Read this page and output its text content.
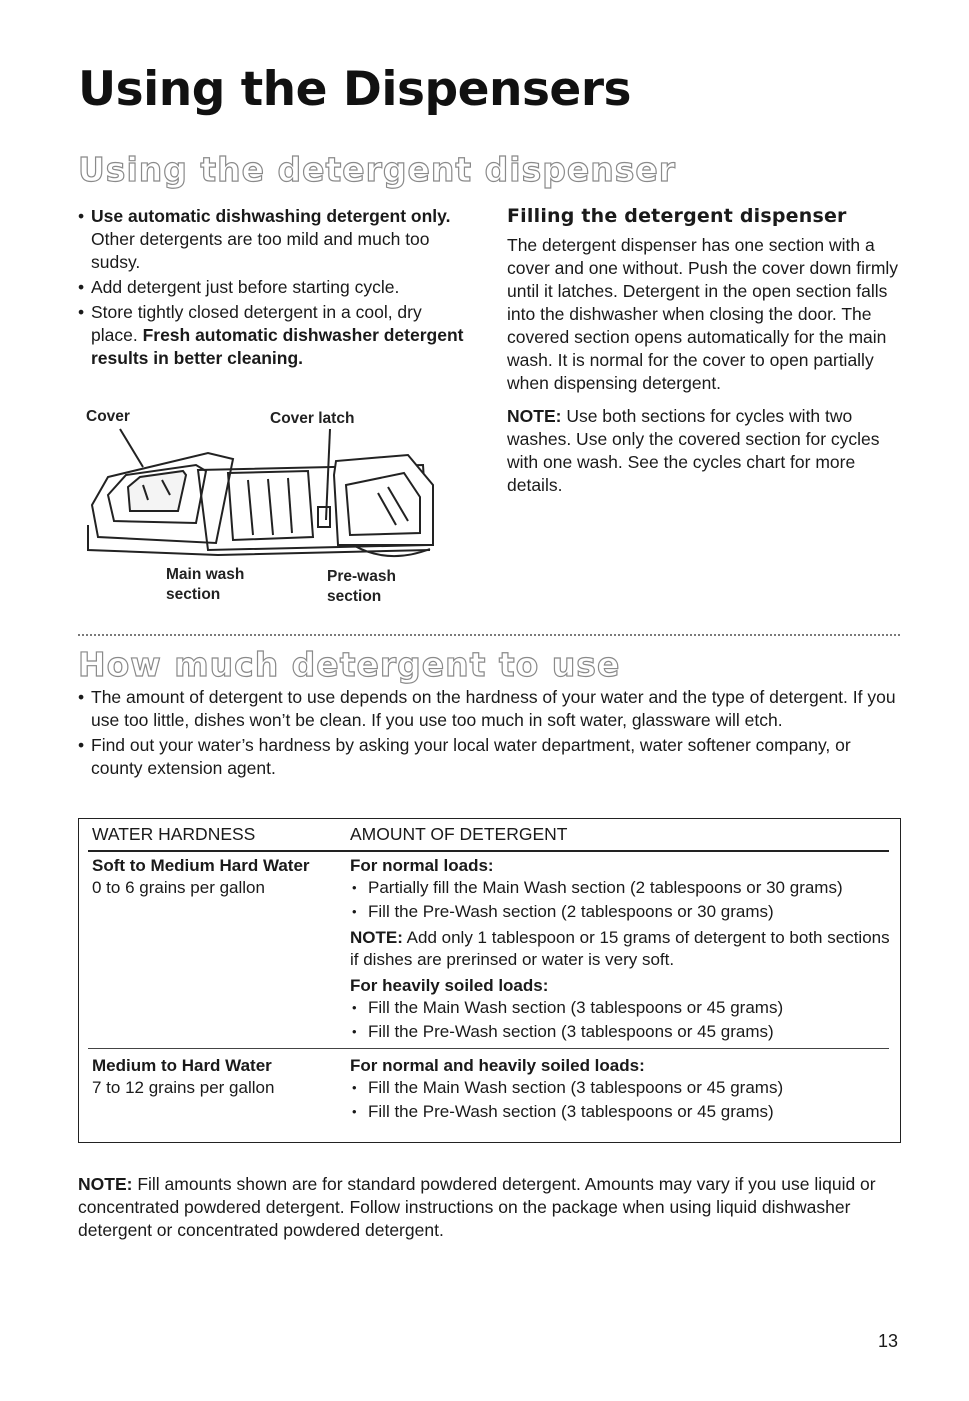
Using the Dispensers
Using the detergent dispenser
• Use automatic dishwashing detergent only. Other detergents are too mild and much too sudsy.
• Add detergent just before starting cycle.
• Store tightly closed detergent in a cool, dry place. Fresh automatic dishwasher detergent results in better cleaning.
Cover	Cover latch
Main wash
section
Pre-wash
section
Filling the detergent dispenser

The detergent dispenser has one section with a cover and one without. Push the cover down firmly until it latches. Detergent in the open section falls into the dishwasher when closing the door. The covered section opens automatically for the main wash. It is normal for the cover to open partially when dispensing detergent.

NOTE: Use both sections for cycles with two washes. Use only the covered section for cycles with one wash. See the cycles chart for more details.

How much detergent to use
• The amount of detergent to use depends on the hardness of your water and the type of detergent. If you use too little, dishes won’t be clean. If you use too much in soft water, glassware will etch.
• Find out your water’s hardness by asking your local water department, water softener company, or county extension agent.
WATER HARDNESS	AMOUNT OF DETERGENT
Soft to Medium Hard Water
0 to 6 grains per gallon
For normal loads:
• Partially fill the Main Wash section (2 tablespoons or 30 grams)
• Fill the Pre-Wash section (2 tablespoons or 30 grams)
NOTE: Add only 1 tablespoon or 15 grams of detergent to both sections if dishes are prerinsed or water is very soft.
For heavily soiled loads:
• Fill the Main Wash section (3 tablespoons or 45 grams)
• Fill the Pre-Wash section (3 tablespoons or 45 grams)
Medium to Hard Water
7 to 12 grains per gallon
For normal and heavily soiled loads:
• Fill the Main Wash section (3 tablespoons or 45 grams)
• Fill the Pre-Wash section (3 tablespoons or 45 grams)

NOTE: Fill amounts shown are for standard powdered detergent. Amounts may vary if you use liquid or concentrated powdered detergent. Follow instructions on the package when using liquid dishwasher detergent or concentrated powdered detergent.

13
